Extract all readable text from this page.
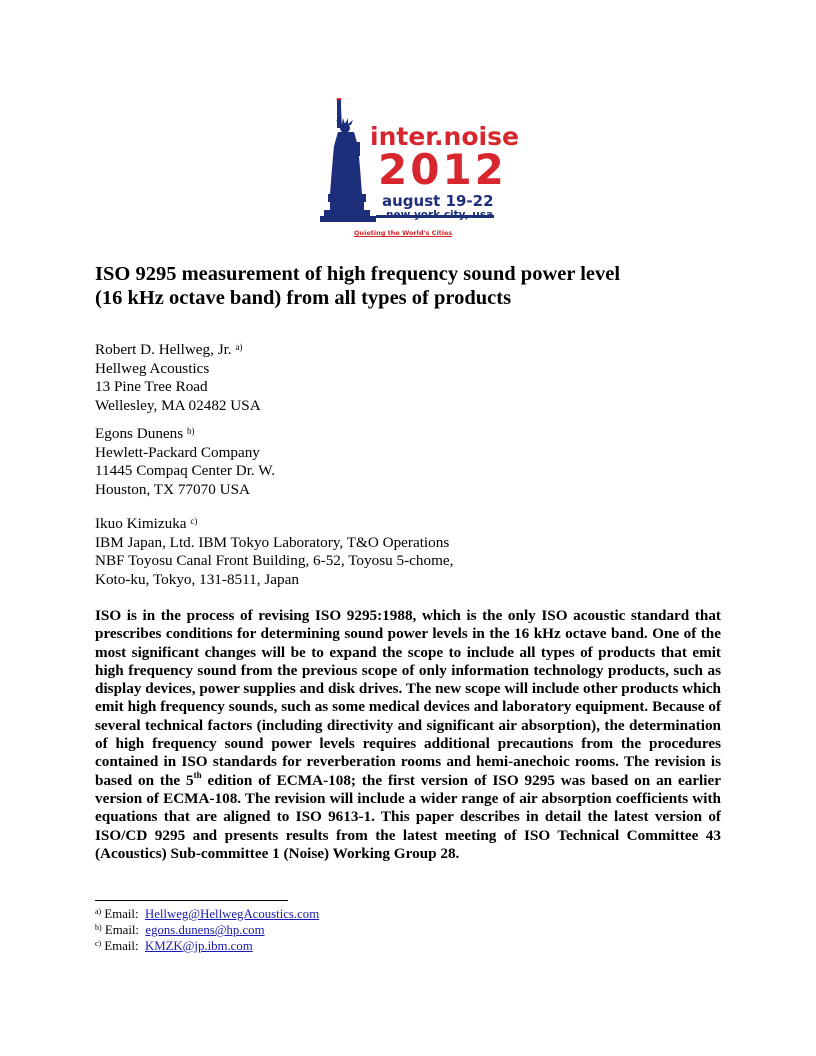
inter.noise
2012
august 19-22
new york city, usa
Quieting the World's Cities
ISO 9295 measurement of high frequency sound power level
(16 kHz octave band) from all types of products
Robert D. Hellweg, Jr. $^{a)}$
Hellweg Acoustics
13 Pine Tree Road
Wellesley, MA 02482 USA
Egons Dunens $^{b)}$
Hewlett-Packard Company
11445 Compaq Center Dr. W.
Houston, TX 77070 USA
Ikuo Kimizuka $^{c)}$
IBM Japan, Ltd. IBM Tokyo Laboratory, T&O Operations
NBF Toyosu Canal Front Building, 6-52, Toyosu 5-chome,
Koto-ku, Tokyo, 131-8511, Japan
ISO is in the process of revising ISO 9295:1988, which is the only ISO acoustic standard that prescribes conditions for determining sound power levels in the 16 kHz octave band. One of the most significant changes will be to expand the scope to include all types of products that emit high frequency sound from the previous scope of only information technology products, such as display devices, power supplies and disk drives. The new scope will include other products which emit high frequency sounds, such as some medical devices and laboratory equipment. Because of several technical factors (including directivity and significant air absorption), the determination of high frequency sound power levels requires additional precautions from the procedures contained in ISO standards for reverberation rooms and hemi-anechoic rooms. The revision is based on the 5th edition of ECMA-108; the first version of ISO 9295 was based on an earlier version of ECMA-108. The revision will include a wider range of air absorption coefficients with equations that are aligned to ISO 9613-1. This paper describes in detail the latest version of ISO/CD 9295 and presents results from the latest meeting of ISO Technical Committee 43 (Acoustics) Sub-committee 1 (Noise) Working Group 28.
$^{a)}$ Email: Hellweg@HellwegAcoustics.com
$^{b)}$ Email: egons.dunens@hp.com
$^{c)}$ Email: KMZK@jp.ibm.com
